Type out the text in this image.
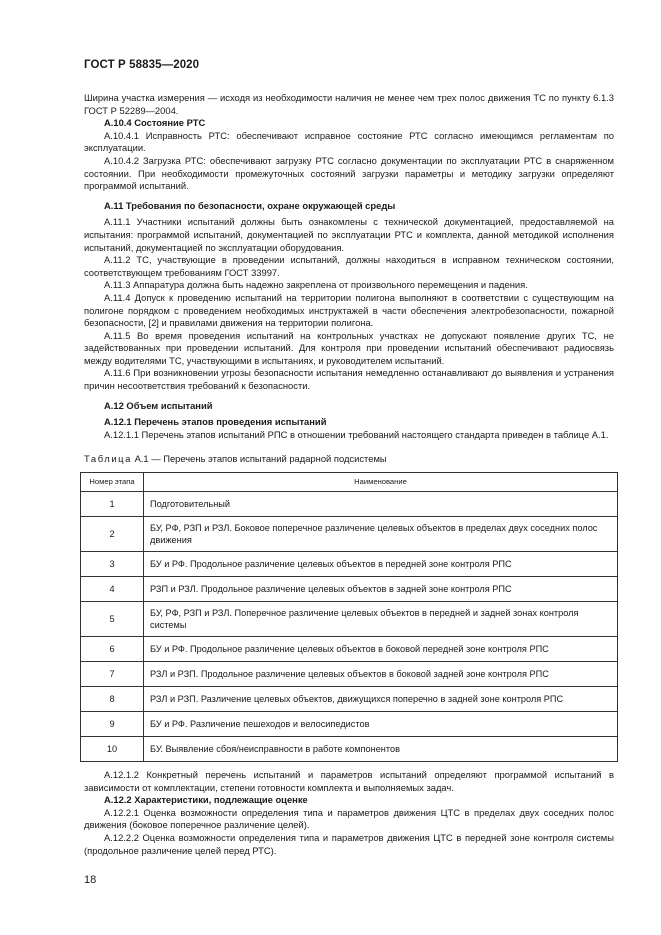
ГОСТ Р 58835—2020

Ширина участка измерения — исходя из необходимости наличия не менее чем трех полос движения ТС по пункту 6.1.3 ГОСТ Р 52289—2004.

А.10.4 Состояние РТС

А.10.4.1 Исправность РТС: обеспечивают исправное состояние РТС согласно имеющимся регламентам по эксплуатации.

А.10.4.2 Загрузка РТС: обеспечивают загрузку РТС согласно документации по эксплуатации РТС в снаряженном состоянии. При необходимости промежуточных состояний загрузки параметры и методику загрузки определяют программой испытаний.

А.11 Требования по безопасности, охране окружающей среды

А.11.1 Участники испытаний должны быть ознакомлены с технической документацией, предоставляемой на испытания: программой испытаний, документацией по эксплуатации РТС и комплекта, данной методикой исполнения испытаний, документацией по эксплуатации оборудования.

А.11.2 ТС, участвующие в проведении испытаний, должны находиться в исправном техническом состоянии, соответствующем требованиям ГОСТ 33997.

А.11.3 Аппаратура должна быть надежно закреплена от произвольного перемещения и падения.

А.11.4 Допуск к проведению испытаний на территории полигона выполняют в соответствии с существующим на полигоне порядком с проведением необходимых инструктажей в части обеспечения электробезопасности, пожарной безопасности, [2] и правилами движения на территории полигона.

А.11.5 Во время проведения испытаний на контрольных участках не допускают появление других ТС, не задействованных при проведении испытаний. Для контроля при проведении испытаний обеспечивают радиосвязь между водителями ТС, участвующими в испытаниях, и руководителем испытаний.

А.11.6 При возникновении угрозы безопасности испытания немедленно останавливают до выявления и устранения причин несоответствия требований к безопасности.

А.12 Объем испытаний

А.12.1 Перечень этапов проведения испытаний

А.12.1.1 Перечень этапов испытаний РПС в отношении требований настоящего стандарта приведен в таблице А.1.

Таблица А.1 — Перечень этапов испытаний радарной подсистемы

Номер этапа	Наименование
1	Подготовительный
2	БУ, РФ, РЗП и РЗЛ. Боковое поперечное различение целевых объектов в пределах двух соседних полос движения
3	БУ и РФ. Продольное различение целевых объектов в передней зоне контроля РПС
4	РЗП и РЗЛ. Продольное различение целевых объектов в задней зоне контроля РПС
5	БУ, РФ, РЗП и РЗЛ. Поперечное различение целевых объектов в передней и задней зонах контроля системы
6	БУ и РФ. Продольное различение целевых объектов в боковой передней зоне контроля РПС
7	РЗЛ и РЗП. Продольное различение целевых объектов в боковой задней зоне контроля РПС
8	РЗЛ и РЗП. Различение целевых объектов, движущихся поперечно в задней зоне контроля РПС
9	БУ и РФ. Различение пешеходов и велосипедистов
10	БУ. Выявление сбоя/неисправности в работе компонентов

А.12.1.2 Конкретный перечень испытаний и параметров испытаний определяют программой испытаний в зависимости от комплектации, степени готовности комплекта и выполняемых задач.

А.12.2 Характеристики, подлежащие оценке

А.12.2.1 Оценка возможности определения типа и параметров движения ЦТС в пределах двух соседних полос движения (боковое поперечное различение целей).

А.12.2.2 Оценка возможности определения типа и параметров движения ЦТС в передней зоне контроля системы (продольное различение целей перед РТС).

18
